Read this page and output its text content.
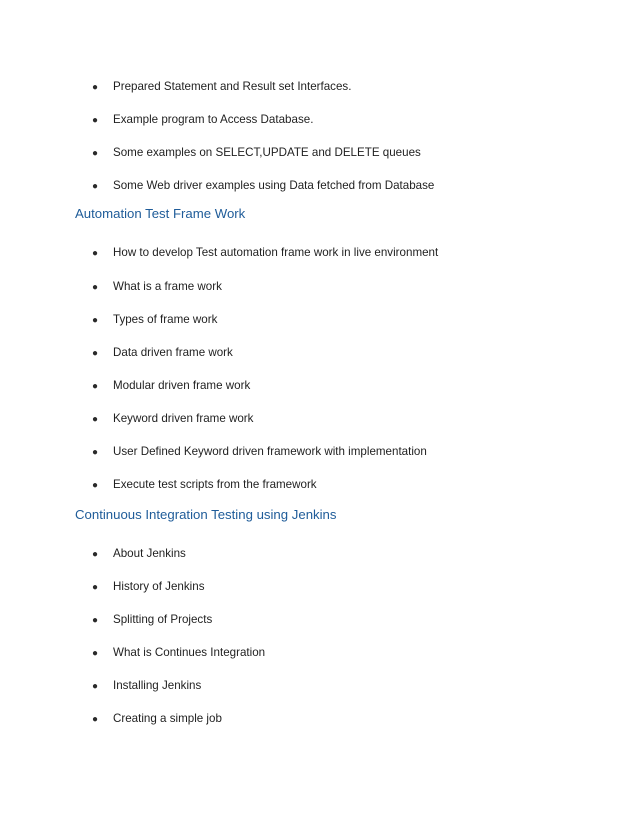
● Prepared Statement and Result set Interfaces.
● Example program to Access Database.
● Some examples on SELECT,UPDATE and DELETE queues
● Some Web driver examples using Data fetched from Database
Automation Test Frame Work
● How to develop Test automation frame work in live environment
● What is a frame work
● Types of frame work
● Data driven frame work
● Modular driven frame work
● Keyword driven frame work
● User Defined Keyword driven framework with implementation
● Execute test scripts from the framework
Continuous Integration Testing using Jenkins
● About Jenkins
● History of Jenkins
● Splitting of Projects
● What is Continues Integration
● Installing Jenkins
● Creating a simple job
